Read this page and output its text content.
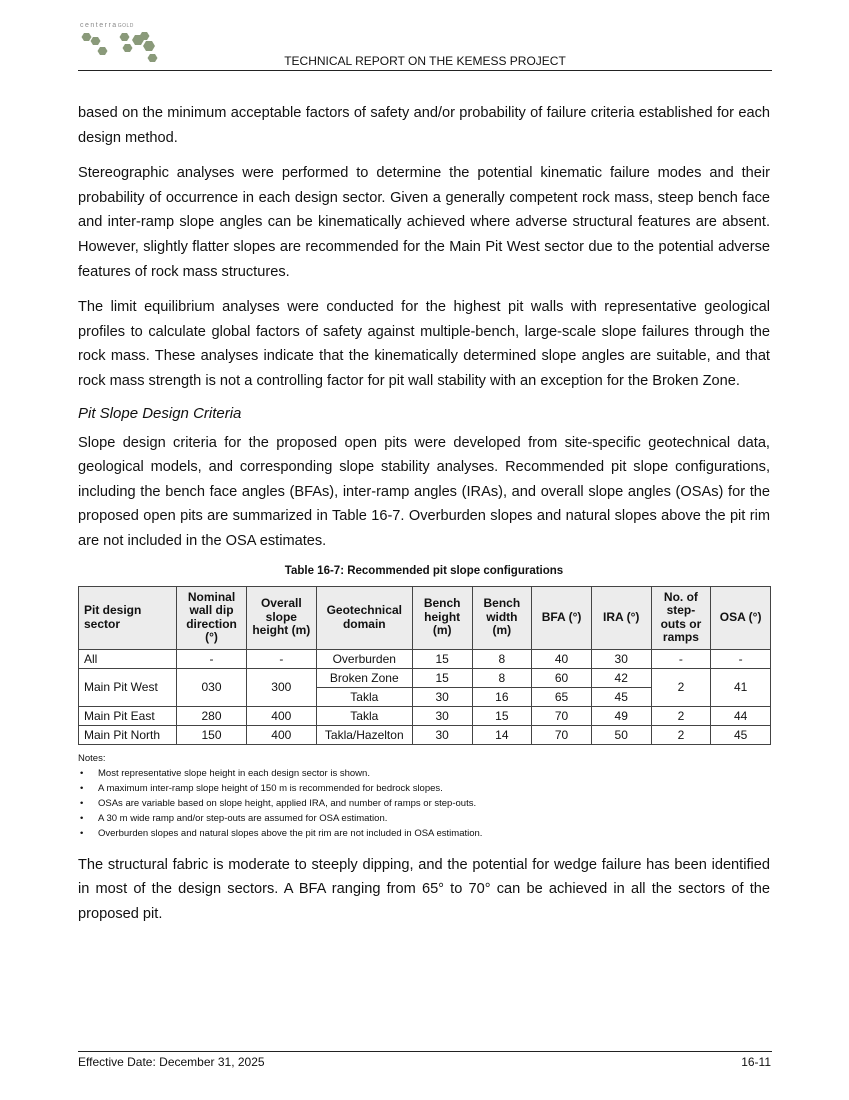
centerraGOLD
TECHNICAL REPORT ON THE KEMESS PROJECT

based on the minimum acceptable factors of safety and/or probability of failure criteria established for each design method.

Stereographic analyses were performed to determine the potential kinematic failure modes and their probability of occurrence in each design sector. Given a generally competent rock mass, steep bench face and inter-ramp slope angles can be kinematically achieved where adverse structural features are absent. However, slightly flatter slopes are recommended for the Main Pit West sector due to the potential adverse features of rock mass structures.

The limit equilibrium analyses were conducted for the highest pit walls with representative geological profiles to calculate global factors of safety against multiple-bench, large-scale slope failures through the rock mass. These analyses indicate that the kinematically determined slope angles are suitable, and that rock mass strength is not a controlling factor for pit wall stability with an exception for the Broken Zone.

Pit Slope Design Criteria

Slope design criteria for the proposed open pits were developed from site-specific geotechnical data, geological models, and corresponding slope stability analyses. Recommended pit slope configurations, including the bench face angles (BFAs), inter-ramp angles (IRAs), and overall slope angles (OSAs) for the proposed open pits are summarized in Table 16-7. Overburden slopes and natural slopes above the pit rim are not included in the OSA estimates.

Table 16-7: Recommended pit slope configurations
Pit design sector	Nominal wall dip direction (°)	Overall slope height (m)	Geotechnical domain	Bench height (m)	Bench width (m)	BFA (°)	IRA (°)	No. of step-outs or ramps	OSA (°)
All	-	-	Overburden	15	8	40	30	-	-
Main Pit West	030	300	Broken Zone	15	8	60	42	2	41
			Takla	30	16	65	45		
Main Pit East	280	400	Takla	30	15	70	49	2	44
Main Pit North	150	400	Takla/Hazelton	30	14	70	50	2	45
Notes:
• Most representative slope height in each design sector is shown.
• A maximum inter-ramp slope height of 150 m is recommended for bedrock slopes.
• OSAs are variable based on slope height, applied IRA, and number of ramps or step-outs.
• A 30 m wide ramp and/or step-outs are assumed for OSA estimation.
• Overburden slopes and natural slopes above the pit rim are not included in OSA estimation.

The structural fabric is moderate to steeply dipping, and the potential for wedge failure has been identified in most of the design sectors. A BFA ranging from 65° to 70° can be achieved in all the sectors of the proposed pit.

Effective Date: December 31, 2025	16-11
